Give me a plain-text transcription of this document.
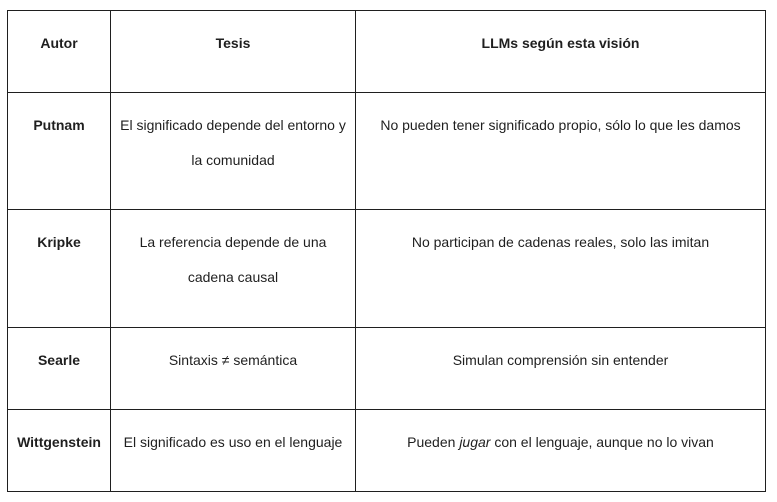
Autor	Tesis	LLMs según esta visión
Putnam	El significado depende del entorno y la comunidad	No pueden tener significado propio, sólo lo que les damos
Kripke	La referencia depende de una cadena causal	No participan de cadenas reales, solo las imitan
Searle	Sintaxis ≠ semántica	Simulan comprensión sin entender
Wittgenstein	El significado es uso en el lenguaje	Pueden jugar con el lenguaje, aunque no lo vivan
